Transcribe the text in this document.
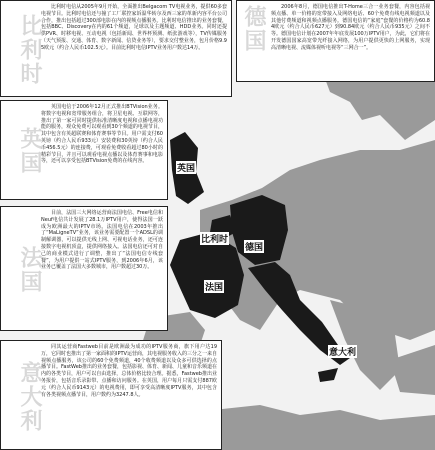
比利时
比利时电信从2005年9月开始，全面推出Belgacom TV电视业务，提供60多套电视节目。比利时电信还与撞了工厂联控家诉温华转尔及西三家的革新内容平台公司合作，推出包括超过300部电影在内的视频点播服务。比利时电信推出的业务套餐，包括BBC、Discovery在内的61个频道，足球以及主题频道、HDD业务。同时还提供PVR、时移电视、互动电视（包括新闻、世界杯预测、纸张游戏等），TV传媒服务（天气预报、交通、体育、数字新闻、信贷业务等），要求交付整业务，包月价格9.95欧元（约合人民币102.5元）。目前比利时电信IPTV业务用户数达14万。	德国	2006年8月，德国电信推出T-Home三合一业务套餐，内容包括视频点播、单一价格的宽带接入及网络电话、60个免费有线电视频道以及其他付费频道和视频点播服务。德国电信的“家庭”套餐的价格约为60.84欧元（约合人民币627元）到90.84欧元（约合人民币935元）之间不等。德国电信计划在2007年年底发展100万IPTV用户，为此，它们将在开发德国国家高宽带光纤接入网络，为用户提供更快的上网服务，实现高清晰电视、流媒体视听电视等“三网合一”。
英国
英国电信于2006年12月正式推出BTVision业务。将数字电视和宽带服务组合，将卫星电视、互联网等，推出了第一家可同时提供标准清晰度电视和点播电视功能的服务，观众免费可以观看到30个频道的电视节目，其中包含有英超联赛和体育赛事等节目。用户需支付60英镑（约合人民币933元）安装费和30英镑（约合人民币456.5元）的连接费，可观看免费收看超过80小时的精彩节目，并且可以观看电视点播以及体育赛事和电影等，还可以享受包括BTVision免费的在线内容。
法国
目前，法国三大网络运营商法国电信、Free电信和Neuf电信共计发展了28.1万IPTV用户，使得法国一跃成为欧洲最大的IPTV市场。法国电信在2003年推出了“MaLigneTV”业务，该业务需要配置一个ADSL的调制解调器，可以提供无线上网、可视电话业务，还可连接数字电视机顶盒，提供网络接入。法国电信还可对自己的商业模式进行了调整，推出了“法国电信专线套餐”，为用户提供一站式IPTV服务，到2006年6月，该业务已覆盖了法国大多数城市，用户数超过30万。
意大利
同其运营商Fastweb目前是欧洲最为成功的IPTV服务商，旗下用户达19万，它同时也推出了第一家面积的IPTV运营商，其电视服务收入的三分之一来自视频点播服务，该公司的60个免费频道，40个收费频道以及众多可供选择的点播节目。FastWeb推出的业务套餐，包括影视、体育、新闻、儿童和音乐频道在内的各类节目，用户可以自由选择，总体价格比较合理。据悉，Fastweb推出业务报价，包括音乐录影带、点播和访问服务。在英国，用户每月只需支付887欧元（约合人民币9143元）的电视费用，即可享受高清晰度IPTV服务，其中包含有各类视频点播节目，用户数约为3247.8人。
英国
比利时
德国
法国
意大利
